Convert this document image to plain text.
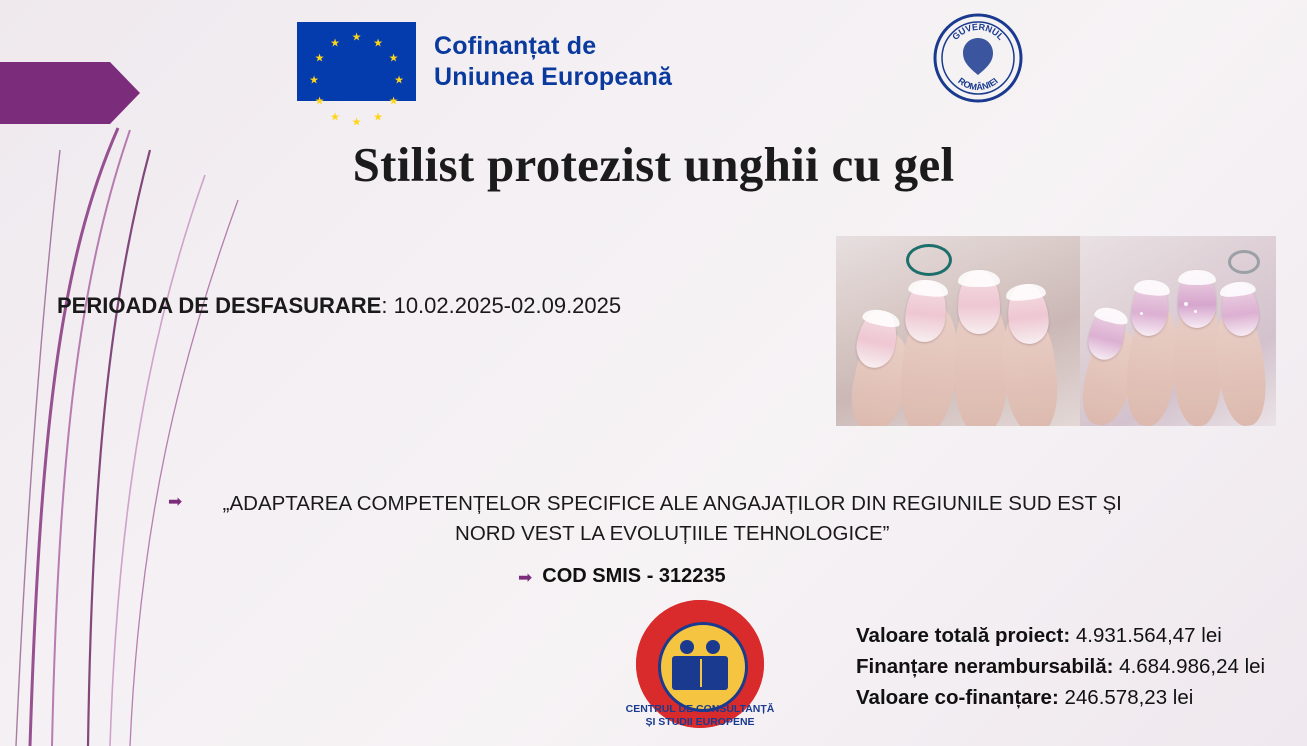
★ ★
★
★
★
★
★
★
★
★
★
★	Cofinanțat de
Uniunea Europeană
GUVERNUL
ROMÂNIEI
Stilist protezist unghii cu gel
PERIOADA DE DESFASURARE: 10.02.2025-02.09.2025
➡	„ADAPTAREA COMPETENȚELOR SPECIFICE ALE ANGAJAȚILOR DIN REGIUNILE SUD EST ȘI NORD VEST LA EVOLUȚIILE TEHNOLOGICE”
➡ COD SMIS - 312235
CENTRUL DE CONSULTANȚĂ
ȘI STUDII EUROPENE
Valoare totală proiect: 4.931.564,47 lei
Finanțare nerambursabilă: 4.684.986,24 lei
Valoare co-finanțare: 246.578,23 lei
